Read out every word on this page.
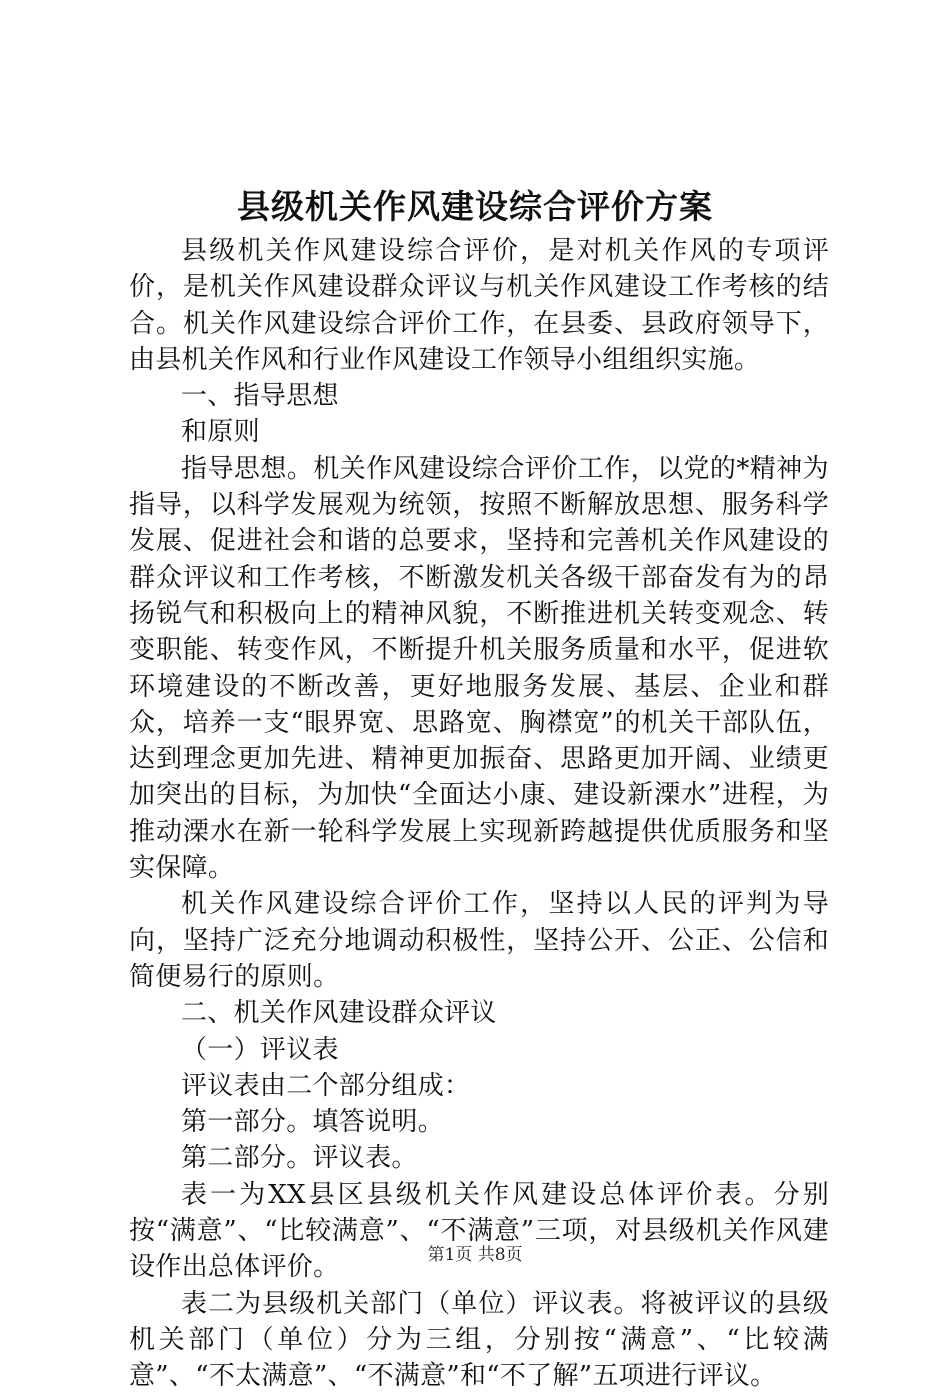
县级机关作风建设综合评价方案

县级机关作风建设综合评价，是对机关作风的专项评价，是机关作风建设群众评议与机关作风建设工作考核的结合。机关作风建设综合评价工作，在县委、县政府领导下，由县机关作风和行业作风建设工作领导小组组织实施。

一、指导思想

和原则

指导思想。机关作风建设综合评价工作，以党的*精神为指导，以科学发展观为统领，按照不断解放思想、服务科学发展、促进社会和谐的总要求，坚持和完善机关作风建设的群众评议和工作考核，不断激发机关各级干部奋发有为的昂扬锐气和积极向上的精神风貌，不断推进机关转变观念、转变职能、转变作风，不断提升机关服务质量和水平，促进软环境建设的不断改善，更好地服务发展、基层、企业和群众，培养一支“眼界宽、思路宽、胸襟宽”的机关干部队伍，达到理念更加先进、精神更加振奋、思路更加开阔、业绩更加突出的目标，为加快“全面达小康、建设新溧水”进程，为推动溧水在新一轮科学发展上实现新跨越提供优质服务和坚实保障。

机关作风建设综合评价工作，坚持以人民的评判为导向，坚持广泛充分地调动积极性，坚持公开、公正、公信和简便易行的原则。

二、机关作风建设群众评议

（一）评议表

评议表由二个部分组成：

第一部分。填答说明。

第二部分。评议表。

表一为XX县区县级机关作风建设总体评价表。分别按“满意”、“比较满意”、“不满意”三项，对县级机关作风建设作出总体评价。

表二为县级机关部门（单位）评议表。将被评议的县级机关部门（单位）分为三组，分别按“满意”、“比较满意”、“不太满意”、“不满意”和“不了解”五项进行评议。

第1页 共8页
